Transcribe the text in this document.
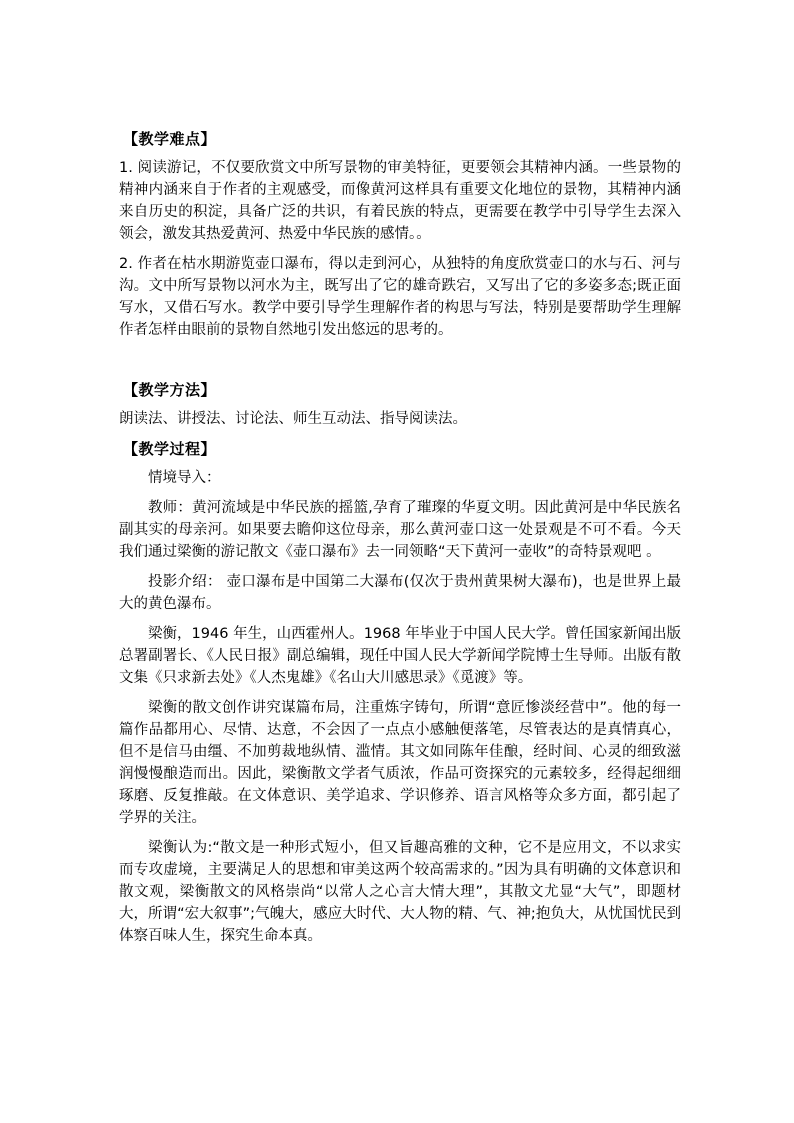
【教学难点】

1. 阅读游记，不仅要欣赏文中所写景物的审美特征，更要领会其精神内涵。一些景物的精神内涵来自于作者的主观感受，而像黄河这样具有重要文化地位的景物，其精神内涵来自历史的积淀，具备广泛的共识，有着民族的特点，更需要在教学中引导学生去深入领会，激发其热爱黄河、热爱中华民族的感情。。

2. 作者在枯水期游览壶口瀑布，得以走到河心，从独特的角度欣赏壶口的水与石、河与沟。文中所写景物以河水为主，既写出了它的雄奇跌宕，又写出了它的多姿多态;既正面写水，又借石写水。教学中要引导学生理解作者的构思与写法，特别是要帮助学生理解作者怎样由眼前的景物自然地引发出悠远的思考的。

【教学方法】

朗读法、讲授法、讨论法、师生互动法、指导阅读法。

【教学过程】

情境导入：

教师：黄河流域是中华民族的摇篮,孕育了璀璨的华夏文明。因此黄河是中华民族名副其实的母亲河。如果要去瞻仰这位母亲，那么黄河壶口这一处景观是不可不看。今天我们通过梁衡的游记散文《壶口瀑布》去一同领略“天下黄河一壶收”的奇特景观吧 。

投影介绍： 壶口瀑布是中国第二大瀑布(仅次于贵州黄果树大瀑布)，也是世界上最大的黄色瀑布。

梁衡，1946 年生，山西霍州人。1968 年毕业于中国人民大学。曾任国家新闻出版总署副署长、《人民日报》副总编辑，现任中国人民大学新闻学院博士生导师。出版有散文集《只求新去处》《人杰鬼雄》《名山大川感思录》《觅渡》等。

梁衡的散文创作讲究谋篇布局，注重炼字铸句，所谓“意匠惨淡经营中”。他的每一篇作品都用心、尽情、达意，不会因了一点点小感触便落笔，尽管表达的是真情真心，但不是信马由缰、不加剪裁地纵情、滥情。其文如同陈年佳酿，经时间、心灵的细致滋润慢慢酿造而出。因此，梁衡散文学者气质浓，作品可资探究的元素较多，经得起细细琢磨、反复推敲。在文体意识、美学追求、学识修养、语言风格等众多方面，都引起了学界的关注。

梁衡认为:“散文是一种形式短小，但又旨趣高雅的文种，它不是应用文，不以求实而专攻虚境，主要满足人的思想和审美这两个较高需求的。”因为具有明确的文体意识和散文观，梁衡散文的风格崇尚“以常人之心言大情大理”，其散文尤显“大气”，即题材大，所谓“宏大叙事”;气魄大，感应大时代、大人物的精、气、神;抱负大，从忧国忧民到体察百味人生，探究生命本真。
